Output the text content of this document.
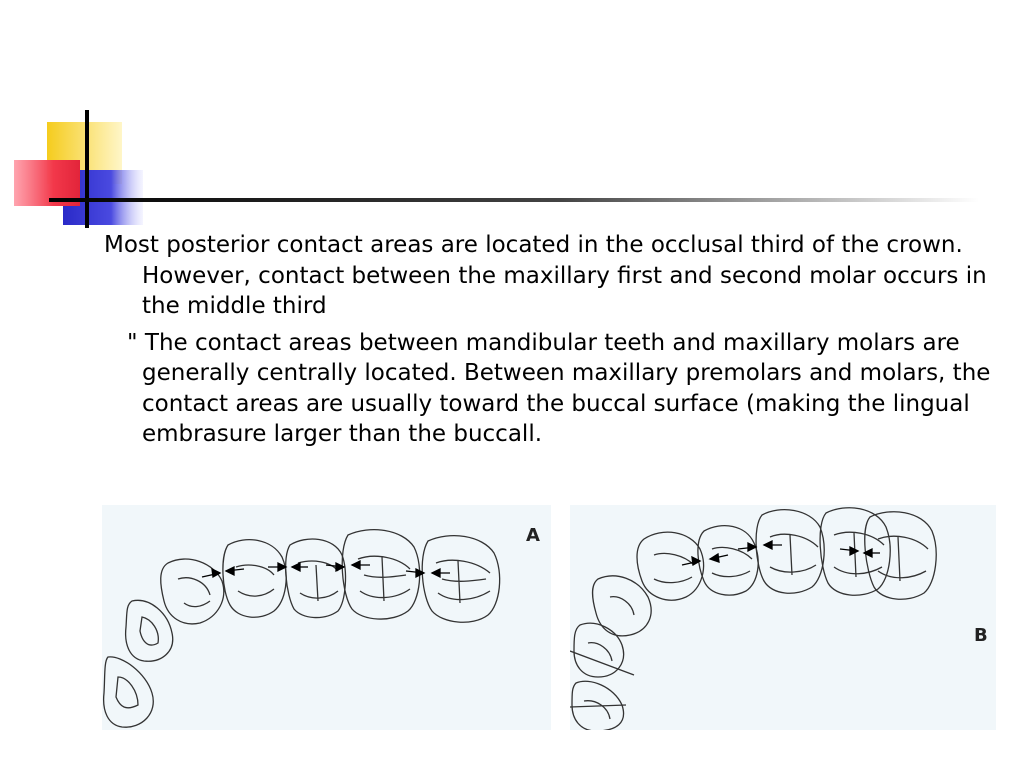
Most posterior contact areas are located in the occlusal third of the crown. However, contact between the maxillary first and second molar occurs in the middle third

" The contact areas between mandibular teeth and maxillary molars are generally centrally located. Between maxillary premolars and molars, the contact areas are usually toward the buccal surface (making the lingual embrasure larger than the buccall.

A
B
